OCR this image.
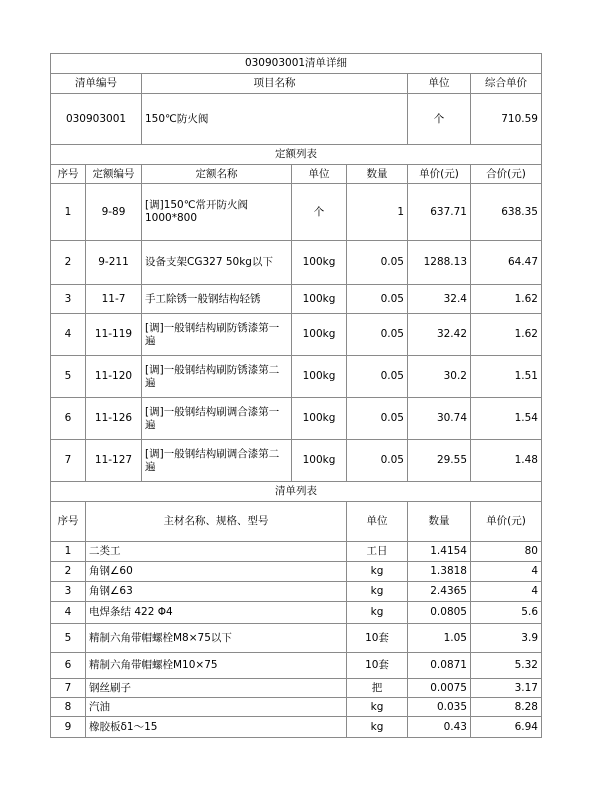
030903001清单详细			
清单编号	项目名称	单位	综合单价
030903001	150℃防火阀	个	710.59
定额列表							
序号	定额编号	定额名称	单位	数量	单价(元)	合价(元)	
1	9-89	[调]150℃常开防火阀1000*800	个	1	637.71	638.35	
2	9-211	设备支架CG327 50kg以下	100kg	0.05	1288.13	64.47	
3	11-7	手工除锈一般钢结构轻锈	100kg	0.05	32.4	1.62	
4	11-119	[调]一般钢结构刷防锈漆第一遍	100kg	0.05	32.42	1.62	
5	11-120	[调]一般钢结构刷防锈漆第二遍	100kg	0.05	30.2	1.51	
6	11-126	[调]一般钢结构刷调合漆第一遍	100kg	0.05	30.74	1.54	
7	11-127	[调]一般钢结构刷调合漆第二遍	100kg	0.05	29.55	1.48	
清单列表							
序号	主材名称、规格、型号			单位	数量	单价(元)	
1	二类工			工日	1.4154	80	
2	角钢∠60			kg	1.3818	4	
3	角钢∠63			kg	2.4365	4	
4	电焊条结 422 Φ4			kg	0.0805	5.6	
5	精制六角带帽螺栓M8×75以下			10套	1.05	3.9	
6	精制六角带帽螺栓M10×75			10套	0.0871	5.32	
7	钢丝刷子			把	0.0075	3.17	
8	汽油			kg	0.035	8.28	
9	橡胶板δ1～15			kg	0.43	6.94	
